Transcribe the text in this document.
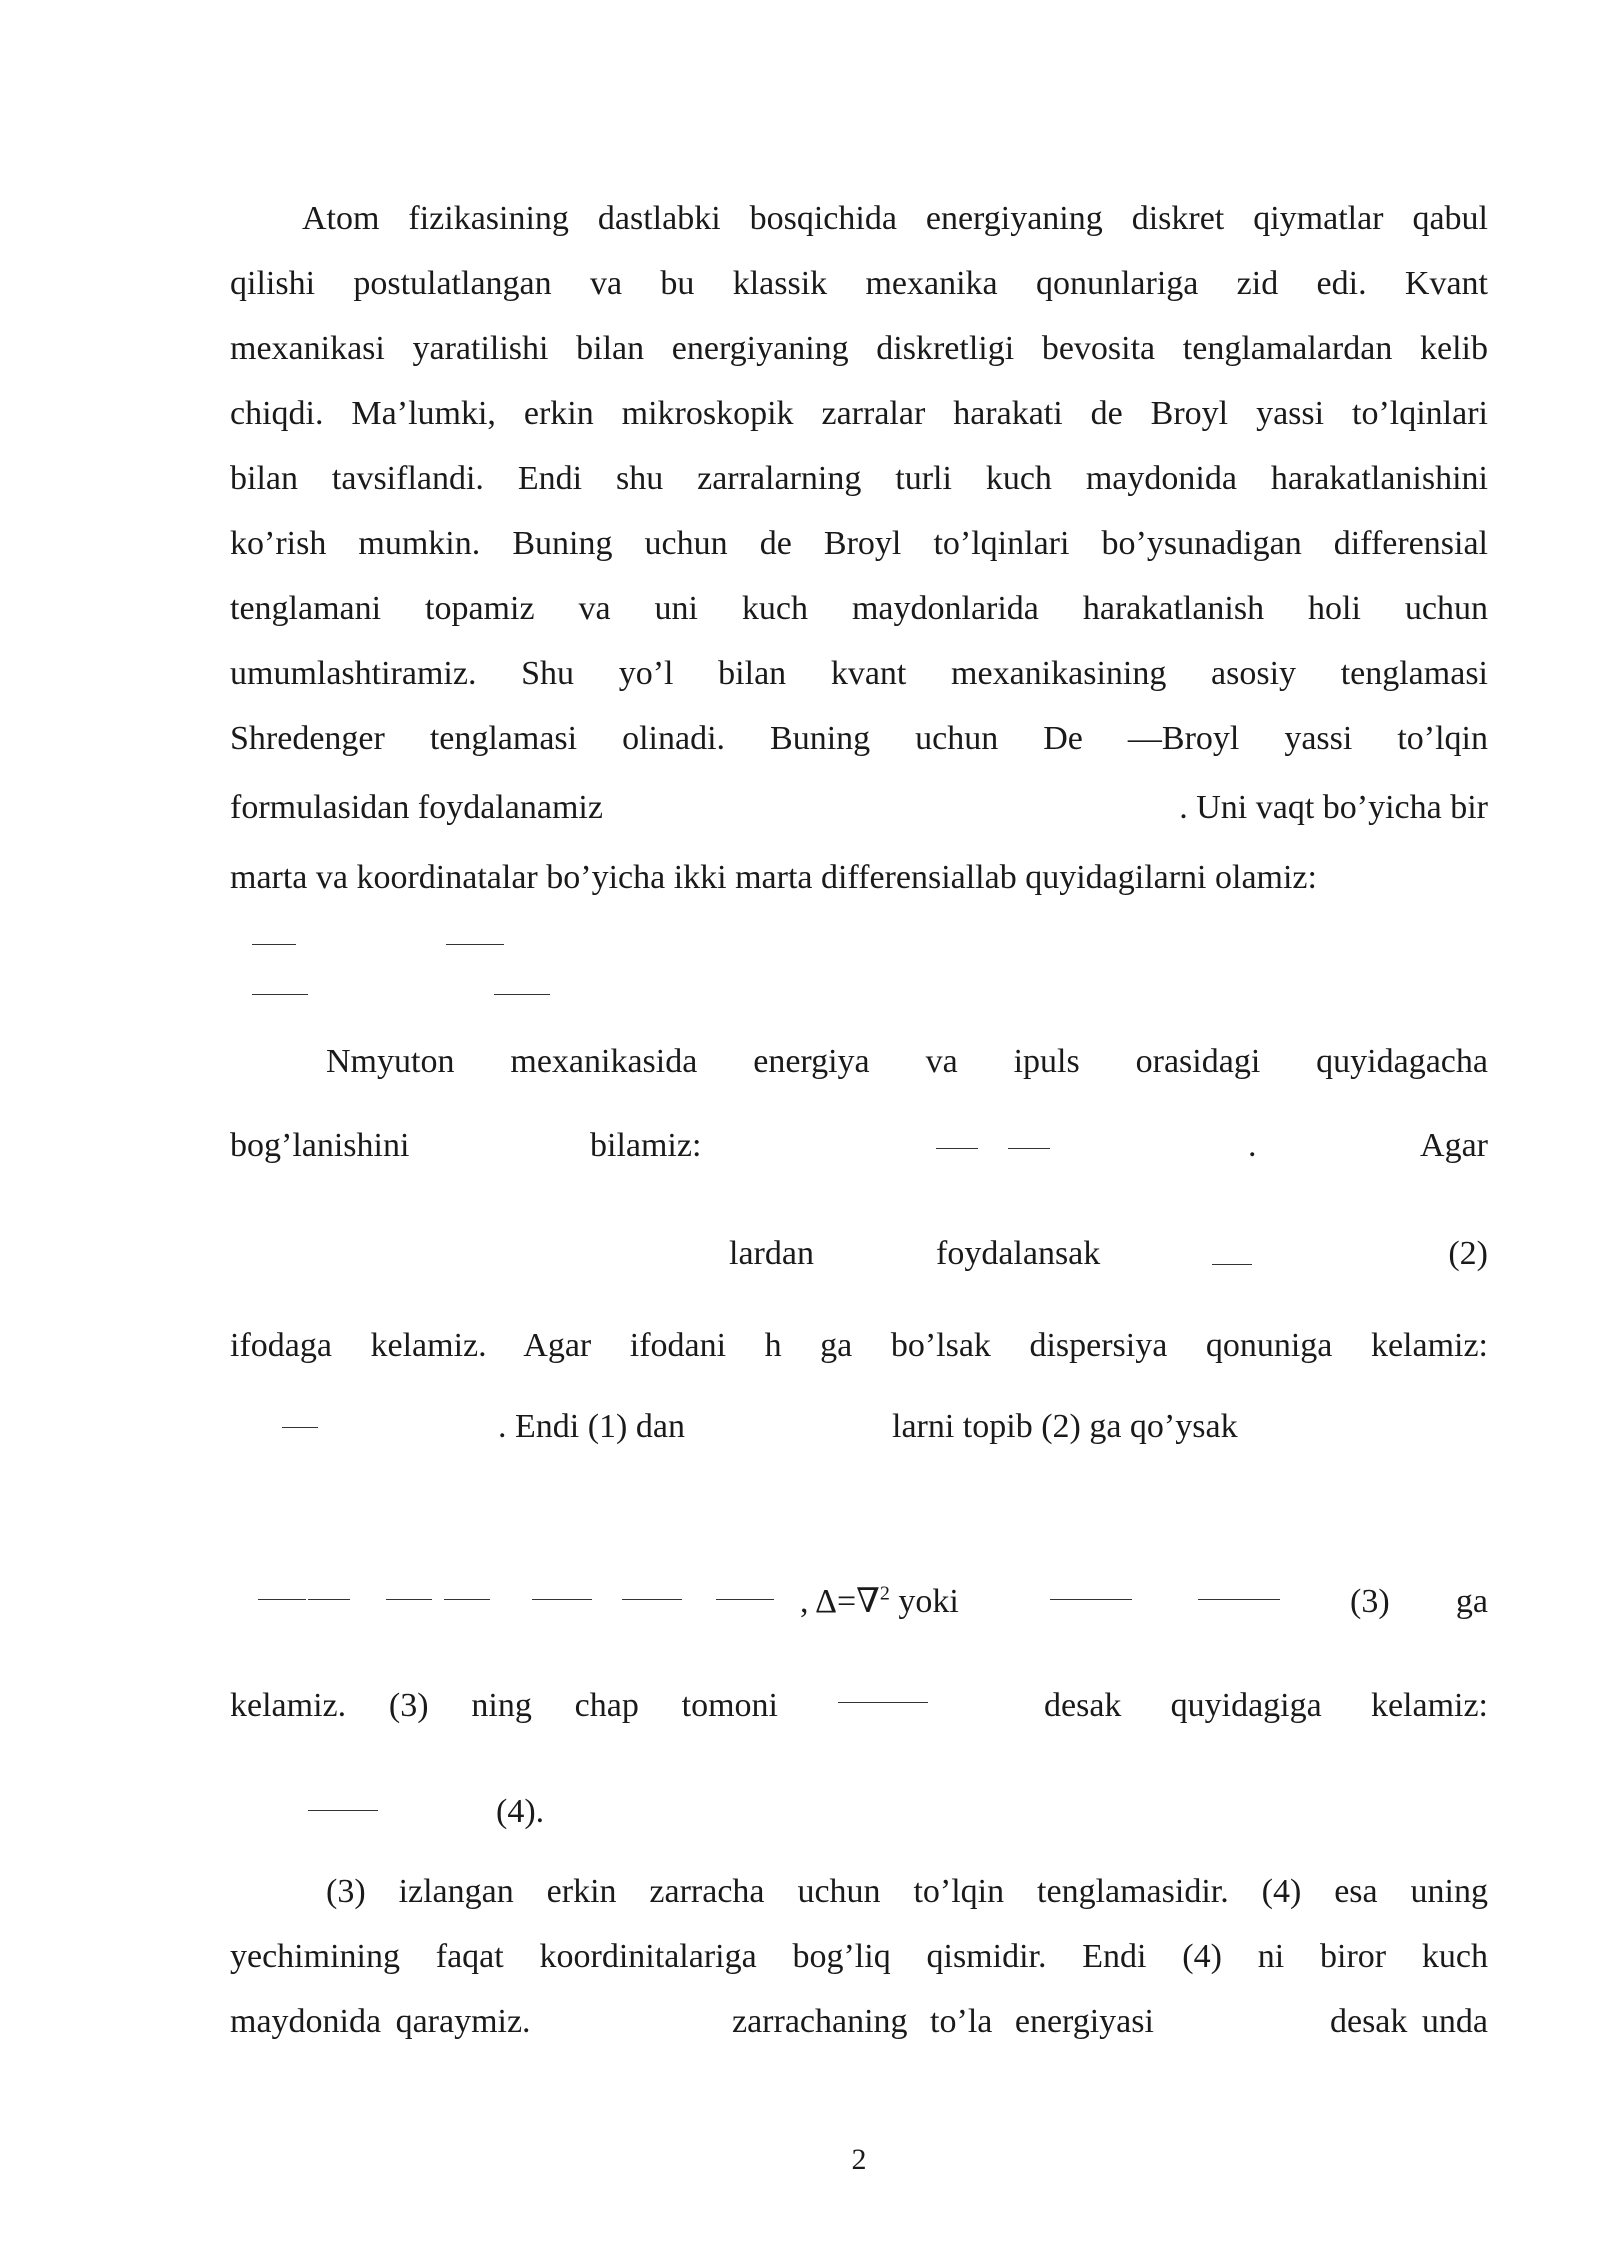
Atom fizikasining dastlabki bosqichida energiyaning diskret qiymatlar qabul
qilishi postulatlangan va bu klassik mexanika qonunlariga zid edi. Kvant
mexanikasi yaratilishi bilan energiyaning diskretligi bevosita tenglamalardan kelib
chiqdi. Ma’lumki, erkin mikroskopik zarralar harakati de Broyl yassi to’lqinlari
bilan tavsiflandi. Endi shu zarralarning turli kuch maydonida harakatlanishini
ko’rish mumkin. Buning uchun de Broyl to’lqinlari bo’ysunadigan differensial
tenglamani topamiz va uni kuch maydonlarida harakatlanish holi uchun
umumlashtiramiz. Shu yo’l bilan kvant mexanikasining asosiy tenglamasi
Shredenger tenglamasi olinadi. Buning uchun De —Broyl yassi to’lqin
formulasidan foydalanamiz	. Uni vaqt bo’yicha bir
marta va koordinatalar bo’yicha ikki marta differensiallab quyidagilarni olamiz:
Nmyuton mexanikasida energiya va ipuls orasidagi quyidagacha
bog’lanishini	bilamiz:	.	Agar
lardan	foydalansak	(2)
ifodaga kelamiz. Agar ifodani h ga bo’lsak dispersiya qonuniga kelamiz:
. Endi (1) dan	larni topib (2) ga qo’ysak
, Δ=∇$^2$ yoki	(3) ga
kelamiz. (3) ning chap tomoni	desak quyidagiga kelamiz:
(4).
(3) izlangan erkin zarracha uchun to’lqin tenglamasidir. (4) esa uning
yechimining faqat koordinitalariga bog’liq qismidir. Endi (4) ni biror kuch
maydonida qaraymiz.	zarrachaning to’la energiyasi	desak unda
2
